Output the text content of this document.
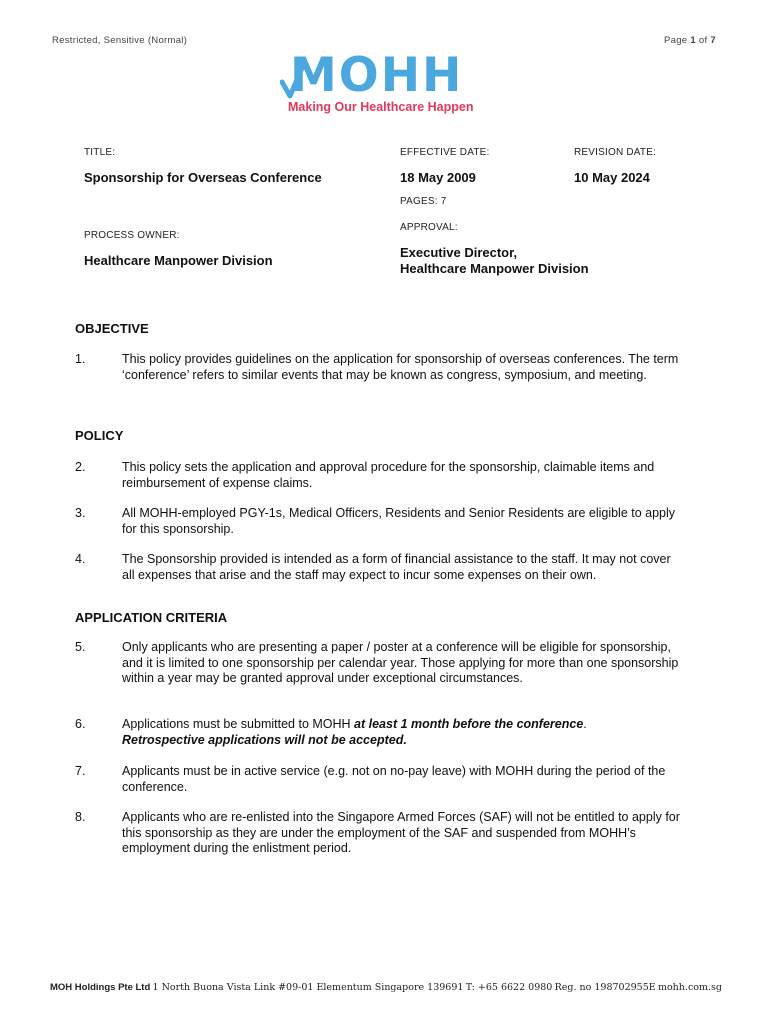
Restricted, Sensitive (Normal)	Page 1 of 7
MOHH
Making Our Healthcare Happen
TITLE:
Sponsorship for Overseas Conference
EFFECTIVE DATE:
18 May 2009
REVISION DATE:
10 May 2024
PAGES: 7
APPROVAL:
Executive Director,
Healthcare Manpower Division
PROCESS OWNER:
Healthcare Manpower Division
OBJECTIVE
1.	This policy provides guidelines on the application for sponsorship of overseas conferences. The term ‘conference’ refers to similar events that may be known as congress, symposium, and meeting.
POLICY
2.	This policy sets the application and approval procedure for the sponsorship, claimable items and reimbursement of expense claims.
3.	All MOHH-employed PGY-1s, Medical Officers, Residents and Senior Residents are eligible to apply for this sponsorship.
4.	The Sponsorship provided is intended as a form of financial assistance to the staff. It may not cover all expenses that arise and the staff may expect to incur some expenses on their own.
APPLICATION CRITERIA
5.	Only applicants who are presenting a paper / poster at a conference will be eligible for sponsorship, and it is limited to one sponsorship per calendar year. Those applying for more than one sponsorship within a year may be granted approval under exceptional circumstances.
6.	Applications must be submitted to MOHH at least 1 month before the conference.
Retrospective applications will not be accepted.
7.	Applicants must be in active service (e.g. not on no-pay leave) with MOHH during the period of the conference.
8.	Applicants who are re-enlisted into the Singapore Armed Forces (SAF) will not be entitled to apply for this sponsorship as they are under the employment of the SAF and suspended from MOHH’s employment during the enlistment period.
MOH Holdings Pte Ltd 1 North Buona Vista Link #09-01 Elementum Singapore 139691 T: +65 6622 0980 Reg. no 198702955E mohh.com.sg
